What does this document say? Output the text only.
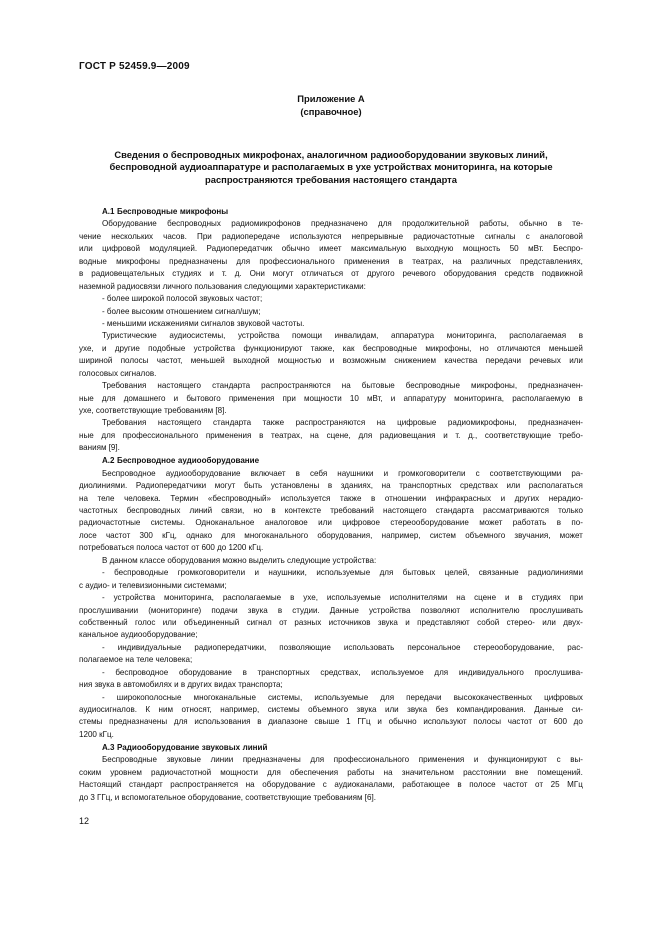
ГОСТ Р 52459.9—2009
Приложение А
(справочное)
Сведения о беспроводных микрофонах, аналогичном радиооборудовании звуковых линий,
беспроводной аудиоаппаратуре и располагаемых в ухе устройствах мониторинга, на которые
распространяются требования настоящего стандарта
А.1 Беспроводные микрофоны
Оборудование беспроводных радиомикрофонов предназначено для продолжительной работы, обычно в те-
чение нескольких часов. При радиопередаче используются непрерывные радиочастотные сигналы с аналоговой
или цифровой модуляцией. Радиопередатчик обычно имеет максимальную выходную мощность 50 мВт. Беспро-
водные микрофоны предназначены для профессионального применения в театрах, на различных представлениях,
в радиовещательных студиях и т. д. Они могут отличаться от другого речевого оборудования средств подвижной
наземной радиосвязи личного пользования следующими характеристиками:
- более широкой полосой звуковых частот;
- более высоким отношением сигнал/шум;
- меньшими искажениями сигналов звуковой частоты.
Туристические аудиосистемы, устройства помощи инвалидам, аппаратура мониторинга, располагаемая в
ухе, и другие подобные устройства функционируют также, как беспроводные микрофоны, но отличаются меньшей
шириной полосы частот, меньшей выходной мощностью и возможным снижением качества передачи речевых или
голосовых сигналов.
Требования настоящего стандарта распространяются на бытовые беспроводные микрофоны, предназначен-
ные для домашнего и бытового применения при мощности 10 мВт, и аппаратуру мониторинга, располагаемую в
ухе, соответствующие требованиям [8].
Требования настоящего стандарта также распространяются на цифровые радиомикрофоны, предназначен-
ные для профессионального применения в театрах, на сцене, для радиовещания и т. д., соответствующие требо-
ваниям [9].
А.2 Беспроводное аудиооборудование
Беспроводное аудиооборудование включает в себя наушники и громкоговорители с соответствующими ра-
диолиниями. Радиопередатчики могут быть установлены в зданиях, на транспортных средствах или располагаться
на теле человека. Термин «беспроводный» используется также в отношении инфракрасных и других нерадио-
частотных беспроводных линий связи, но в контексте требований настоящего стандарта рассматриваются только
радиочастотные системы. Одноканальное аналоговое или цифровое стереооборудование может работать в по-
лосе частот 300 кГц, однако для многоканального оборудования, например, систем объемного звучания, может
потребоваться полоса частот от 600 до 1200 кГц.
В данном классе оборудования можно выделить следующие устройства:
- беспроводные громкоговорители и наушники, используемые для бытовых целей, связанные радиолиниями
с аудио- и телевизионными системами;
- устройства мониторинга, располагаемые в ухе, используемые исполнителями на сцене и в студиях при
прослушивании (мониторинге) подачи звука в студии. Данные устройства позволяют исполнителю прослушивать
собственный голос или объединенный сигнал от разных источников звука и представляют собой стерео- или двух-
канальное аудиооборудование;
- индивидуальные радиопередатчики, позволяющие использовать персональное стереооборудование, рас-
полагаемое на теле человека;
- беспроводное оборудование в транспортных средствах, используемое для индивидуального прослушива-
ния звука в автомобилях и в других видах транспорта;
- широкополосные многоканальные системы, используемые для передачи высококачественных цифровых
аудиосигналов. К ним относят, например, системы объемного звука или звука без компандирования. Данные си-
стемы предназначены для использования в диапазоне свыше 1 ГГц и обычно используют полосы частот от 600 до
1200 кГц.
А.3 Радиооборудование звуковых линий
Беспроводные звуковые линии предназначены для профессионального применения и функционируют с вы-
соким уровнем радиочастотной мощности для обеспечения работы на значительном расстоянии вне помещений.
Настоящий стандарт распространяется на оборудование с аудиоканалами, работающее в полосе частот от 25 МГц
до 3 ГГц, и вспомогательное оборудование, соответствующие требованиям [6].
12
